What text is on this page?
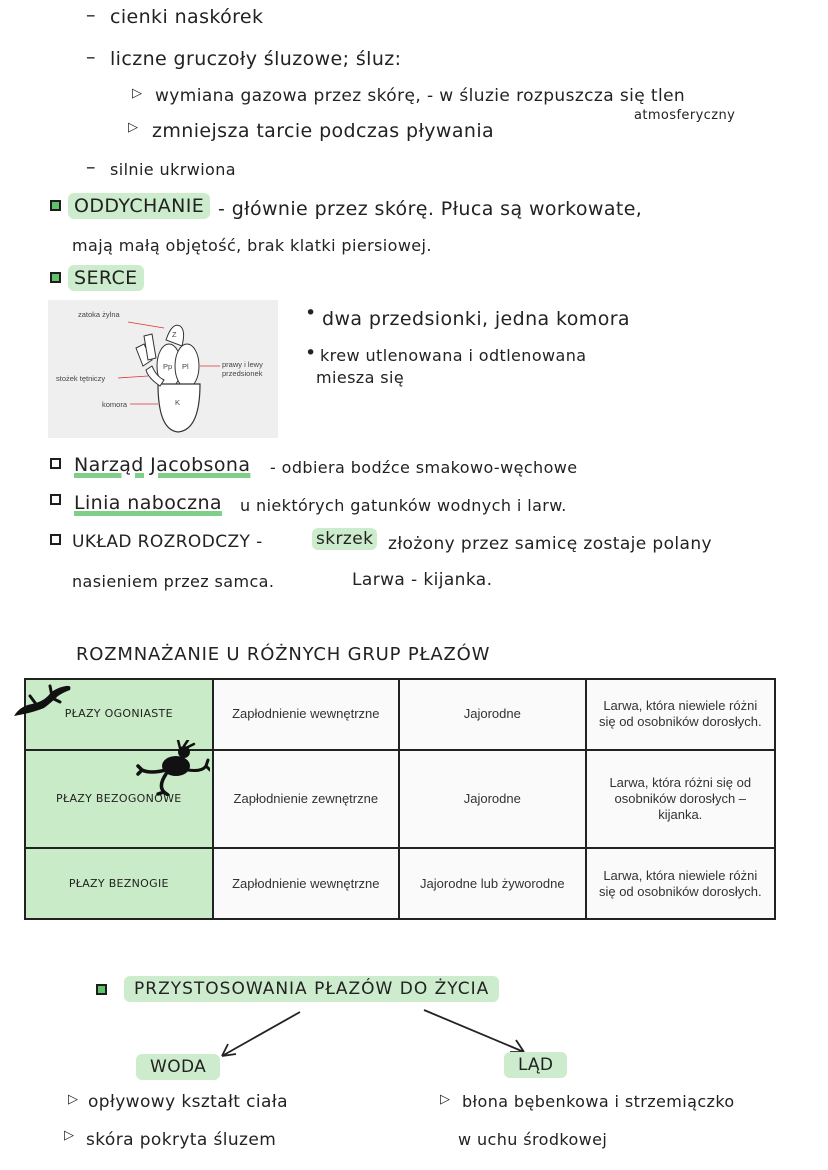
– cienki naskórek
– liczne gruczoły śluzowe; śluz:
▷ wymiana gazowa przez skórę, - w śluzie rozpuszcza się tlen
atmosferyczny
▷ zmniejsza tarcie podczas pływania
– silnie ukrwiona
ODDYCHANIE - głównie przez skórę. Płuca są workowate,
mają małą objętość, brak klatki piersiowej.
SERCE
zatoka żylna
stożek tętniczy
prawy i lewy przedsionek
komora
Z
Pp Pl
K
• dwa przedsionki, jedna komora
• krew utlenowana i odtlenowana
miesza się
Narząd Jacobsona - odbiera bodźce smakowo-węchowe
Linia naboczna u niektórych gatunków wodnych i larw.
UKŁAD ROZRODCZY -	skrzek złożony przez samicę zostaje polany
nasieniem przez samca.	Larwa - kijanka.
ROZMNAŻANIE U RÓŻNYCH GRUP PŁAZÓW
PŁAZY OGONIASTE	Zapłodnienie wewnętrzne	Jajorodne	Larwa, która niewiele różni się od osobników dorosłych.
PŁAZY BEZOGONOWE	Zapłodnienie zewnętrzne	Jajorodne	Larwa, która różni się od osobników dorosłych – kijanka.
PŁAZY BEZNOGIE	Zapłodnienie wewnętrzne	Jajorodne lub żyworodne	Larwa, która niewiele różni się od osobników dorosłych.
PRZYSTOSOWANIA PŁAZÓW DO ŻYCIA
WODA	LĄD
▷ opływowy kształt ciała
▷ skóra pokryta śluzem
▷ błona bębenkowa i strzemiączko
w uchu środkowej
